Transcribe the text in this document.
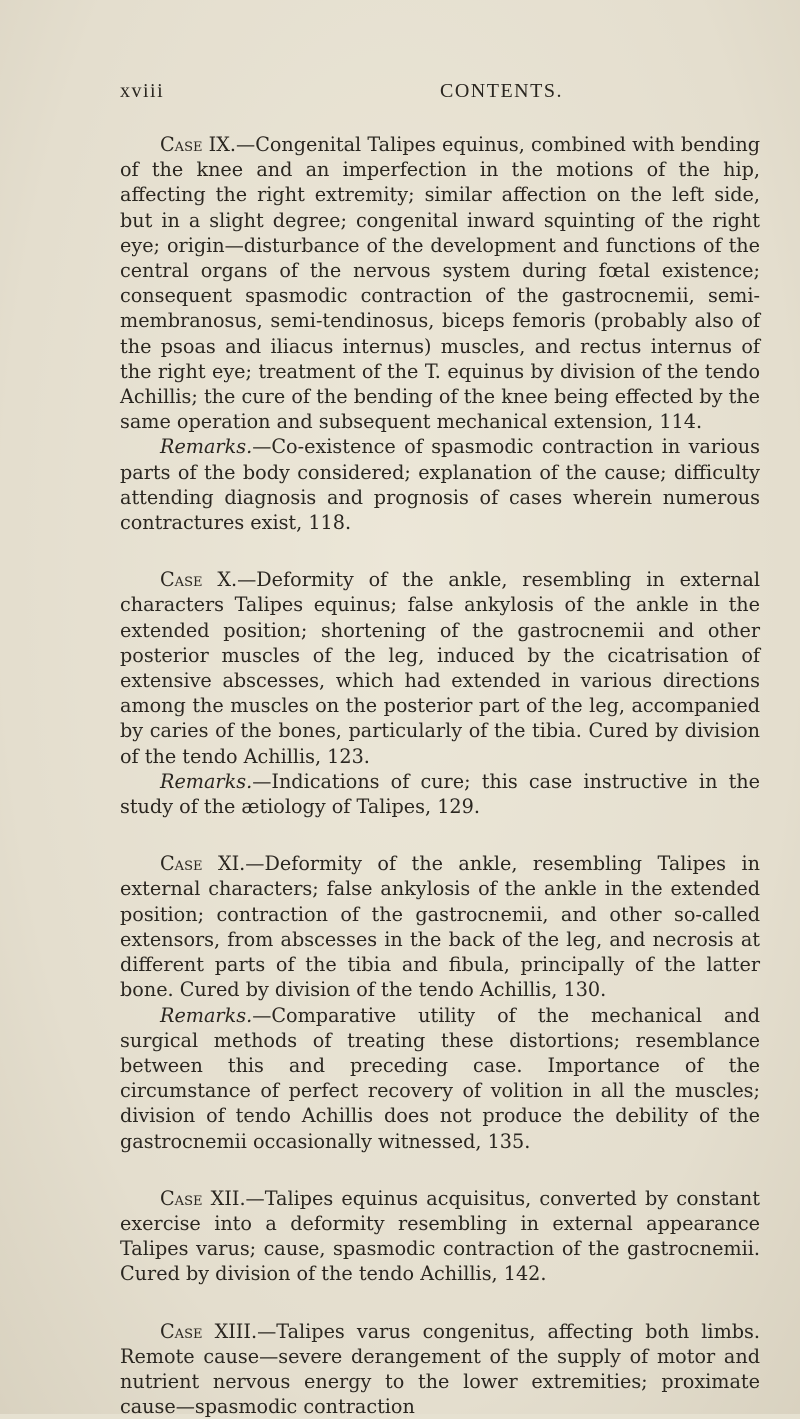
xviii	CONTENTS.

Case IX.—Congenital Talipes equinus, combined with bending of the knee and an imperfection in the motions of the hip, affecting the right extremity; similar affection on the left side, but in a slight degree; congenital inward squinting of the right eye; origin—disturbance of the development and functions of the central organs of the nervous system during fœtal existence; consequent spasmodic contraction of the gastrocnemii, semi-membranosus, semi-tendinosus, biceps femoris (probably also of the psoas and iliacus internus) muscles, and rectus internus of the right eye; treatment of the T. equinus by division of the tendo Achillis; the cure of the bending of the knee being effected by the same operation and subsequent mechanical extension, 114.
Remarks.—Co-existence of spasmodic contraction in various parts of the body considered; explanation of the cause; difficulty attending diagnosis and prognosis of cases wherein numerous contractures exist, 118.

Case X.—Deformity of the ankle, resembling in external characters Talipes equinus; false ankylosis of the ankle in the extended position; shortening of the gastrocnemii and other posterior muscles of the leg, induced by the cicatrisation of extensive abscesses, which had extended in various directions among the muscles on the posterior part of the leg, accompanied by caries of the bones, particularly of the tibia. Cured by division of the tendo Achillis, 123.
Remarks.—Indications of cure; this case instructive in the study of the ætiology of Talipes, 129.

Case XI.—Deformity of the ankle, resembling Talipes in external characters; false ankylosis of the ankle in the extended position; contraction of the gastrocnemii, and other so-called extensors, from abscesses in the back of the leg, and necrosis at different parts of the tibia and fibula, principally of the latter bone. Cured by division of the tendo Achillis, 130.
Remarks.—Comparative utility of the mechanical and surgical methods of treating these distortions; resemblance between this and preceding case. Importance of the circumstance of perfect recovery of volition in all the muscles; division of tendo Achillis does not produce the debility of the gastrocnemii occasionally witnessed, 135.

Case XII.—Talipes equinus acquisitus, converted by constant exercise into a deformity resembling in external appearance Talipes varus; cause, spasmodic contraction of the gastrocnemii. Cured by division of the tendo Achillis, 142.

Case XIII.—Talipes varus congenitus, affecting both limbs. Remote cause—severe derangement of the supply of motor and nutrient nervous energy to the lower extremities; proximate cause—spasmodic contraction
